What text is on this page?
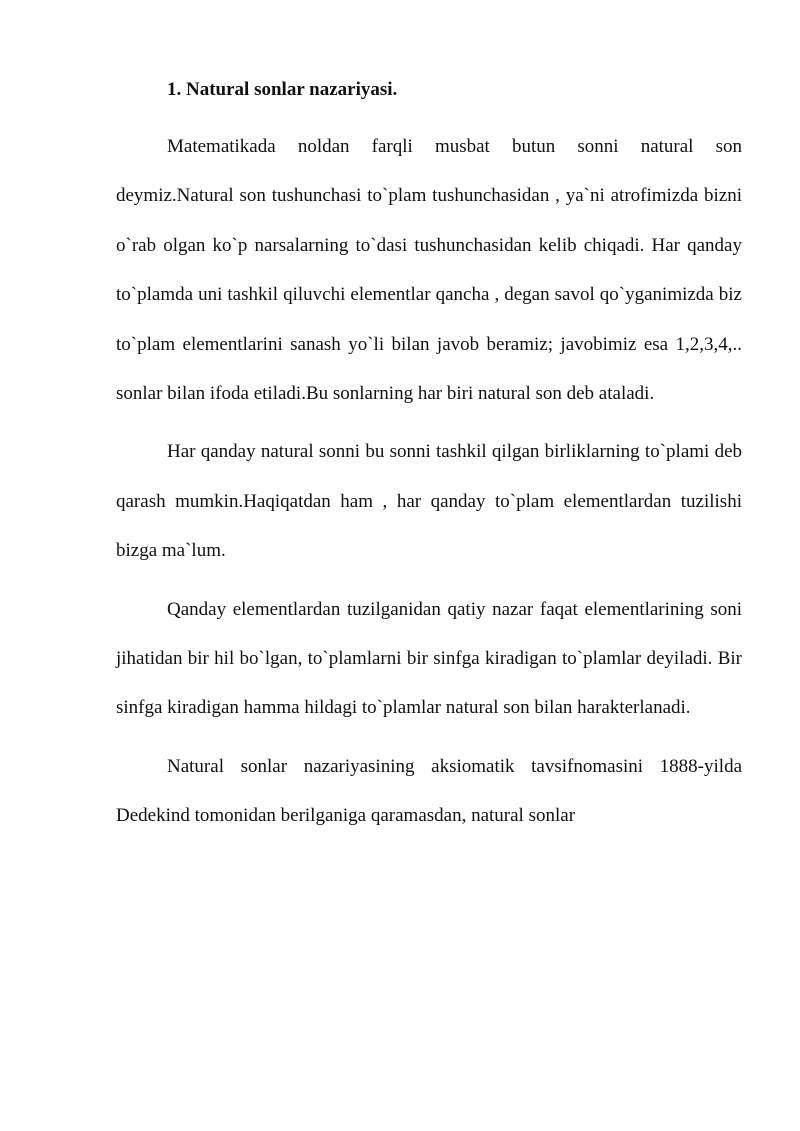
1. Natural sonlar nazariyasi.

Matematikada noldan farqli musbat butun sonni natural son deymiz.Natural son tushunchasi to`plam tushunchasidan , ya`ni atrofimizda bizni o`rab olgan ko`p narsalarning to`dasi tushunchasidan kelib chiqadi. Har qanday to`plamda uni tashkil qiluvchi elementlar qancha , degan savol qo`yganimizda biz to`plam elementlarini sanash yo`li bilan javob beramiz; javobimiz esa 1,2,3,4,.. sonlar bilan ifoda etiladi.Bu sonlarning har biri natural son deb ataladi.

Har qanday natural sonni bu sonni tashkil qilgan birliklarning to`plami deb qarash mumkin.Haqiqatdan ham , har qanday to`plam elementlardan tuzilishi bizga ma`lum.

Qanday elementlardan tuzilganidan qatiy nazar faqat elementlarining soni jihatidan bir hil bo`lgan, to`plamlarni bir sinfga kiradigan to`plamlar deyiladi. Bir sinfga kiradigan hamma hildagi to`plamlar natural son bilan harakterlanadi.

Natural sonlar nazariyasining aksiomatik tavsifnomasini 1888-yilda Dedekind tomonidan berilganiga qaramasdan, natural sonlar
